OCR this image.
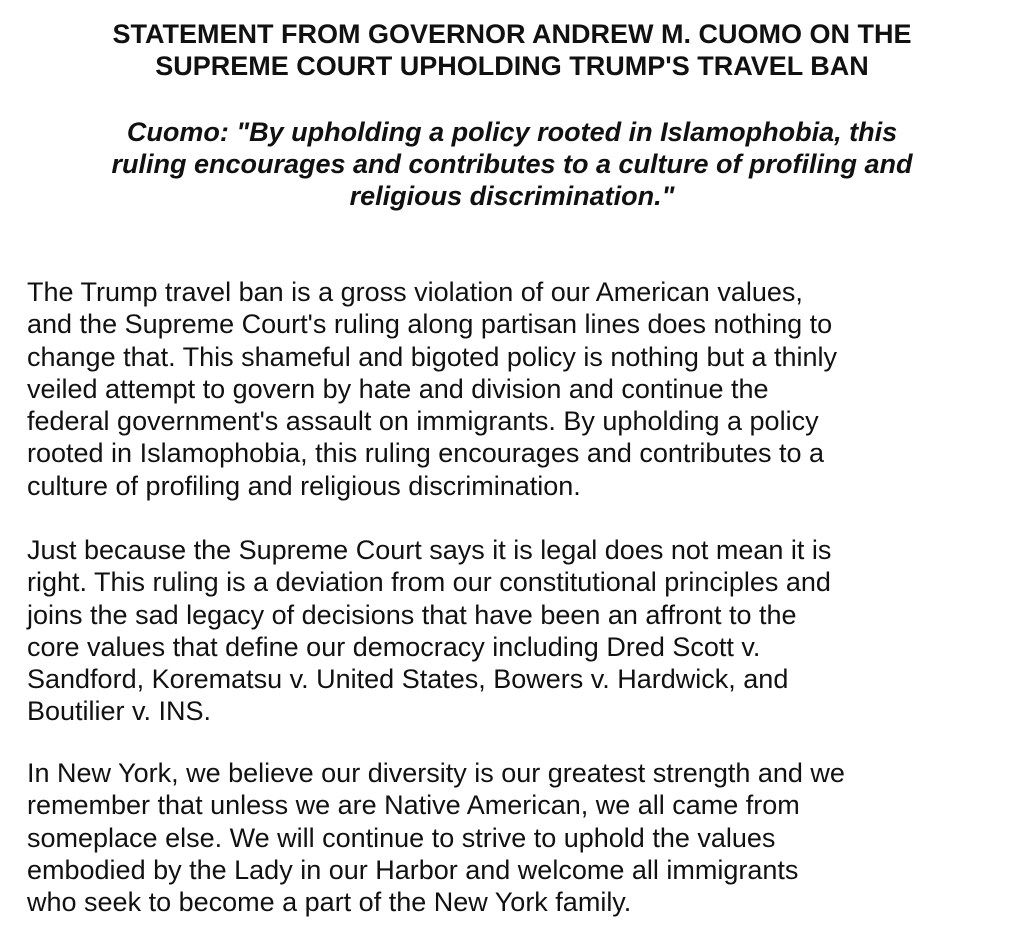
STATEMENT FROM GOVERNOR ANDREW M. CUOMO ON THE
SUPREME COURT UPHOLDING TRUMP'S TRAVEL BAN
Cuomo: "By upholding a policy rooted in Islamophobia, this
ruling encourages and contributes to a culture of profiling and
religious discrimination."

The Trump travel ban is a gross violation of our American values,
and the Supreme Court's ruling along partisan lines does nothing to
change that. This shameful and bigoted policy is nothing but a thinly
veiled attempt to govern by hate and division and continue the
federal government's assault on immigrants. By upholding a policy
rooted in Islamophobia, this ruling encourages and contributes to a
culture of profiling and religious discrimination.

Just because the Supreme Court says it is legal does not mean it is
right. This ruling is a deviation from our constitutional principles and
joins the sad legacy of decisions that have been an affront to the
core values that define our democracy including Dred Scott v.
Sandford, Korematsu v. United States, Bowers v. Hardwick, and
Boutilier v. INS.

In New York, we believe our diversity is our greatest strength and we
remember that unless we are Native American, we all came from
someplace else. We will continue to strive to uphold the values
embodied by the Lady in our Harbor and welcome all immigrants
who seek to become a part of the New York family.
